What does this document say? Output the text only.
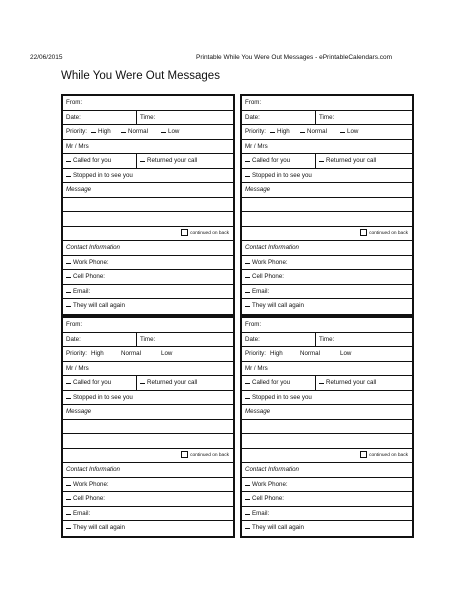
22/06/2015	Printable While You Were Out Messages - ePrintableCalendars.com
While You Were Out Messages
From:
Date:	Time:
Priority:	High	Normal	Low
Mr / Mrs
Called for you	Returned your call
Stopped in to see you
Message
continued on back
Contact Information
Work Phone:
Cell Phone:
Email:
They will call again
From:
Date:	Time:
Priority:	High	Normal	Low
Mr / Mrs
Called for you	Returned your call
Stopped in to see you
Message
continued on back
Contact Information
Work Phone:
Cell Phone:
Email:
They will call again
From:
Date:	Time:
Priority: High	Normal	Low
Mr / Mrs
Called for you	Returned your call
Stopped in to see you
Message
continued on back
Contact Information
Work Phone:
Cell Phone:
Email:
They will call again
From:
Date:	Time:
Priority: High	Normal	Low
Mr / Mrs
Called for you	Returned your call
Stopped in to see you
Message
continued on back
Contact Information
Work Phone:
Cell Phone:
Email:
They will call again
